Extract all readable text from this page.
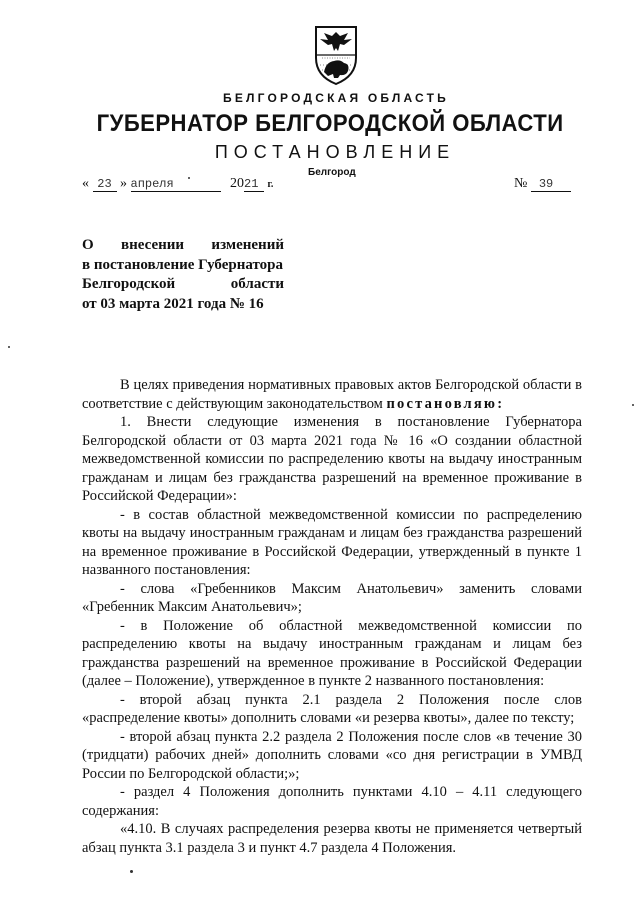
БЕЛГОРОДСКАЯ ОБЛАСТЬ
ГУБЕРНАТОР БЕЛГОРОДСКОЙ ОБЛАСТИ
ПОСТАНОВЛЕНИЕ
Белгород
« 23 » апреля	2021 г.	№ 39
О внесении изменений
в постановление Губернатора
Белгородской области
от 03 марта 2021 года № 16

В целях приведения нормативных правовых актов Белгородской области в соответствие с действующим законодательством постановляю:

1. Внести следующие изменения в постановление Губернатора Белгородской области от 03 марта 2021 года № 16 «О создании областной межведомственной комиссии по распределению квоты на выдачу иностранным гражданам и лицам без гражданства разрешений на временное проживание в Российской Федерации»:

- в состав областной межведомственной комиссии по распределению квоты на выдачу иностранным гражданам и лицам без гражданства разрешений на временное проживание в Российской Федерации, утвержденный в пункте 1 названного постановления:

- слова «Гребенников Максим Анатольевич» заменить словами «Гребенник Максим Анатольевич»;

- в Положение об областной межведомственной комиссии по распределению квоты на выдачу иностранным гражданам и лицам без гражданства разрешений на временное проживание в Российской Федерации (далее – Положение), утвержденное в пункте 2 названного постановления:

- второй абзац пункта 2.1 раздела 2 Положения после слов «распределение квоты» дополнить словами «и резерва квоты», далее по тексту;

- второй абзац пункта 2.2 раздела 2 Положения после слов «в течение 30 (тридцати) рабочих дней» дополнить словами «со дня регистрации в УМВД России по Белгородской области;»;

- раздел 4 Положения дополнить пунктами 4.10 – 4.11 следующего содержания:

«4.10. В случаях распределения резерва квоты не применяется четвертый абзац пункта 3.1 раздела 3 и пункт 4.7 раздела 4 Положения.
